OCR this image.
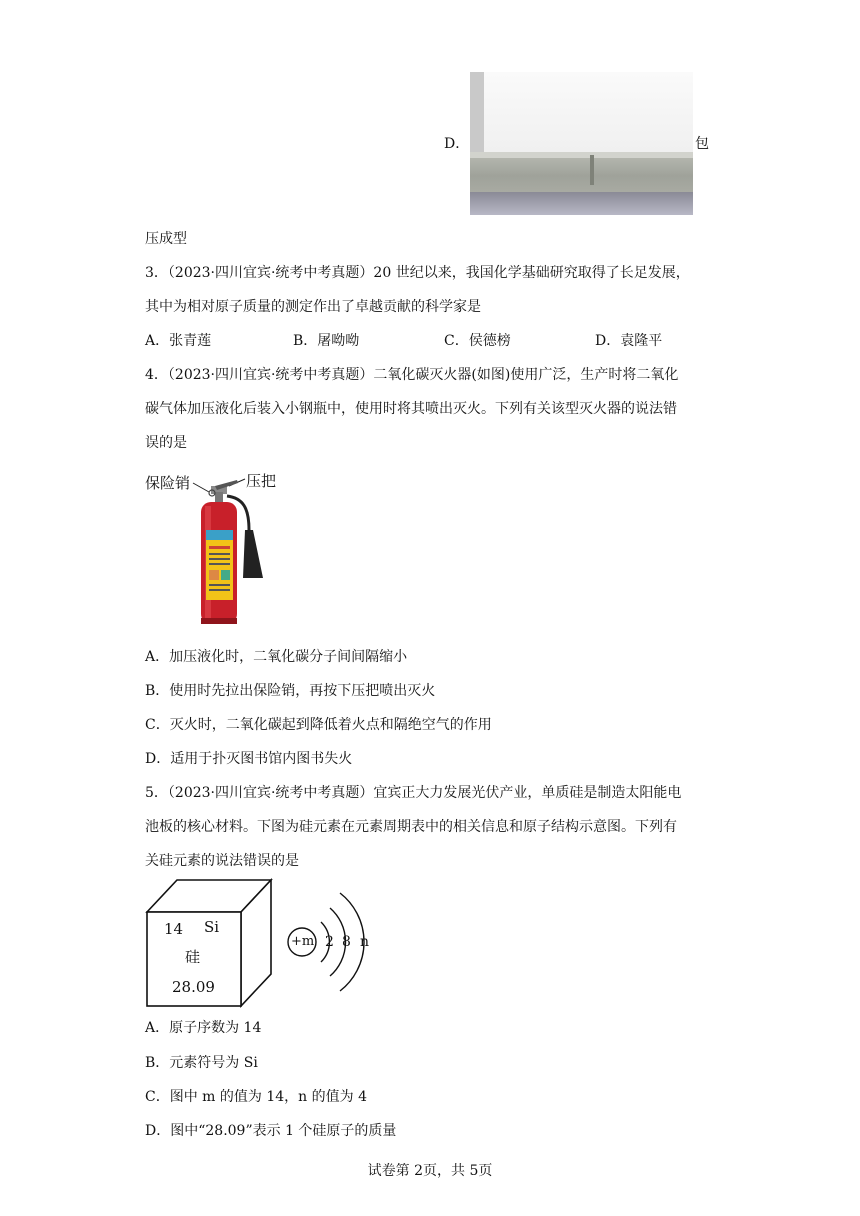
D．	包
压成型
3．（2023·四川宜宾·统考中考真题）20 世纪以来，我国化学基础研究取得了长足发展，
其中为相对原子质量的测定作出了卓越贡献的科学家是
A．张青莲	B．屠呦呦	C．侯德榜	D．袁隆平
4．（2023·四川宜宾·统考中考真题）二氧化碳灭火器(如图)使用广泛，生产时将二氧化
碳气体加压液化后装入小钢瓶中，使用时将其喷出灭火。下列有关该型灭火器的说法错
误的是
保险销	压把
A．加压液化时，二氧化碳分子间间隔缩小
B．使用时先拉出保险销，再按下压把喷出灭火
C．灭火时，二氧化碳起到降低着火点和隔绝空气的作用
D．适用于扑灭图书馆内图书失火
5．（2023·四川宜宾·统考中考真题）宜宾正大力发展光伏产业，单质硅是制造太阳能电
池板的核心材料。下图为硅元素在元素周期表中的相关信息和原子结构示意图。下列有
关硅元素的说法错误的是
14 Si
硅
28.09
+m 2 8 n
A．原子序数为 14
B．元素符号为 Si
C．图中 m 的值为 14，n 的值为 4
D．图中“28.09”表示 1 个硅原子的质量
试卷第 2页，共 5页
